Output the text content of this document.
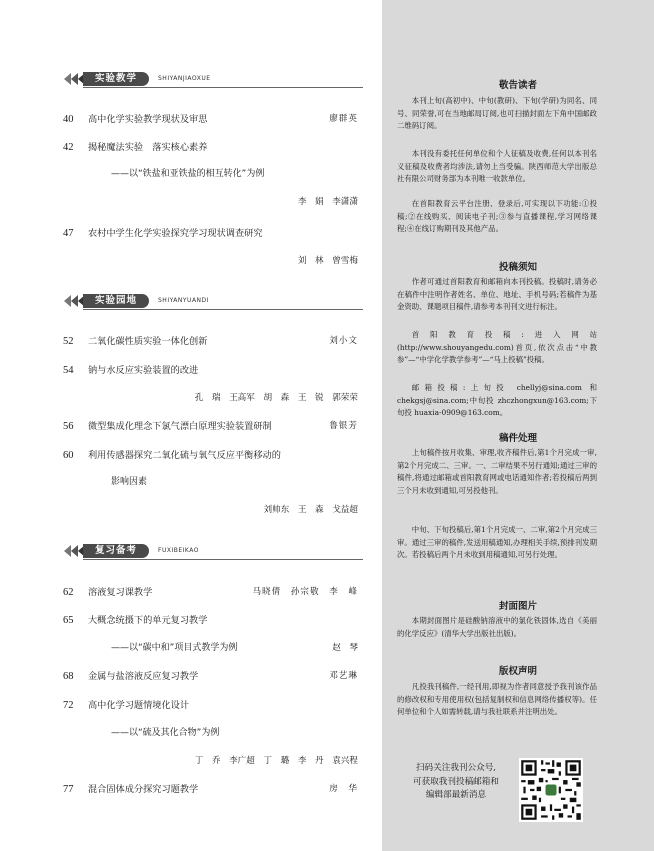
实验教学	SHIYANJIAOXUE
40 高中化学实验教学现状及审思	廖群英
42 揭秘魔法实验　落实核心素养
——以“铁盐和亚铁盐的相互转化”为例
李　娟　李潇潇
47 农村中学生化学实验探究学习现状调查研究
刘　林　曾雪梅
实验园地	SHIYANYUANDI
52 二氧化碳性质实验一体化创新	刘小文
54 钠与水反应实验装置的改进
孔　瑞　王高军　胡　森　王　锐　郭荣荣
56 微型集成化理念下氯气漂白原理实验装置研制	鲁银芳
60 利用传感器探究二氧化硫与氧气反应平衡移动的
影响因素
刘帅东　王　森　戈益超
复习备考	FUXIBEIKAO
62 溶液复习课教学	马晓倩　孙宗敬　李　峰
65 大概念统摄下的单元复习教学
——以“碳中和”项目式教学为例	赵　琴
68 金属与盐溶液反应复习教学	邓艺琳
72 高中化学习题情境化设计
——以“硫及其化合物”为例
丁　乔　李广超　丁　璐　李　丹　袁兴程
77 混合固体成分探究习题教学	房　华
敬告读者

本刊上旬(高初中)、中旬(教研)、下旬(学研)为同名、同号、同荣誉,可在当地邮局订阅,也可扫描封面左下角中国邮政二维码订阅。

本刊没有委托任何单位和个人征稿及收费,任何以本刊名义征稿及收费者均涉法,请勿上当受骗。陕西师范大学出版总社有限公司财务部为本刊唯一收款单位。

在首阳教育云平台注册、登录后,可实现以下功能:①投稿;②在线购买、阅读电子刊;③参与直播课程,学习网络课程;④在线订购期刊及其他产品。

投稿须知

作者可通过首阳教育和邮箱向本刊投稿。投稿时,请务必在稿件中注明作者姓名、单位、地址、手机号码;若稿件为基金资助、课题项目稿件,请参考本刊刊文进行标注。

首阳教育投稿:进入网站(http://www.shouyangedu.com)首页,依次点击“中教参”—“中学化学教学参考”—“马上投稿”投稿。

邮箱投稿:上旬投 chellyj@sina.com 和 chekgsj@sina.com;中旬投 zhczhongxun@163.com;下旬投 huaxia-0909@163.com。

稿件处理

上旬稿件按月收集、审理,收齐稿件后,第1个月完成一审,第2个月完成二、三审。一、二审结果不另行通知;通过三审的稿件,将通过邮箱或首阳教育网或电话通知作者;若投稿后两到三个月未收到通知,可另投他刊。

中旬、下旬投稿后,第1个月完成一、二审,第2个月完成三审。通过三审的稿件,发送用稿通知,办理相关手续,预排刊发期次。若投稿后两个月未收到用稿通知,可另行处理。

封面图片

本期封面图片是硅酸钠溶液中的氯化铁固体,选自《美丽的化学反应》(清华大学出版社出版)。

版权声明

凡投我刊稿件,一经刊用,即视为作者同意授予我刊该作品的修改权和专用使用权(包括复制权和信息网络传播权等)。任何单位和个人如需转载,请与我社联系并注明出处。

扫码关注我刊公众号,可获取我刊投稿邮箱和编辑部最新消息
